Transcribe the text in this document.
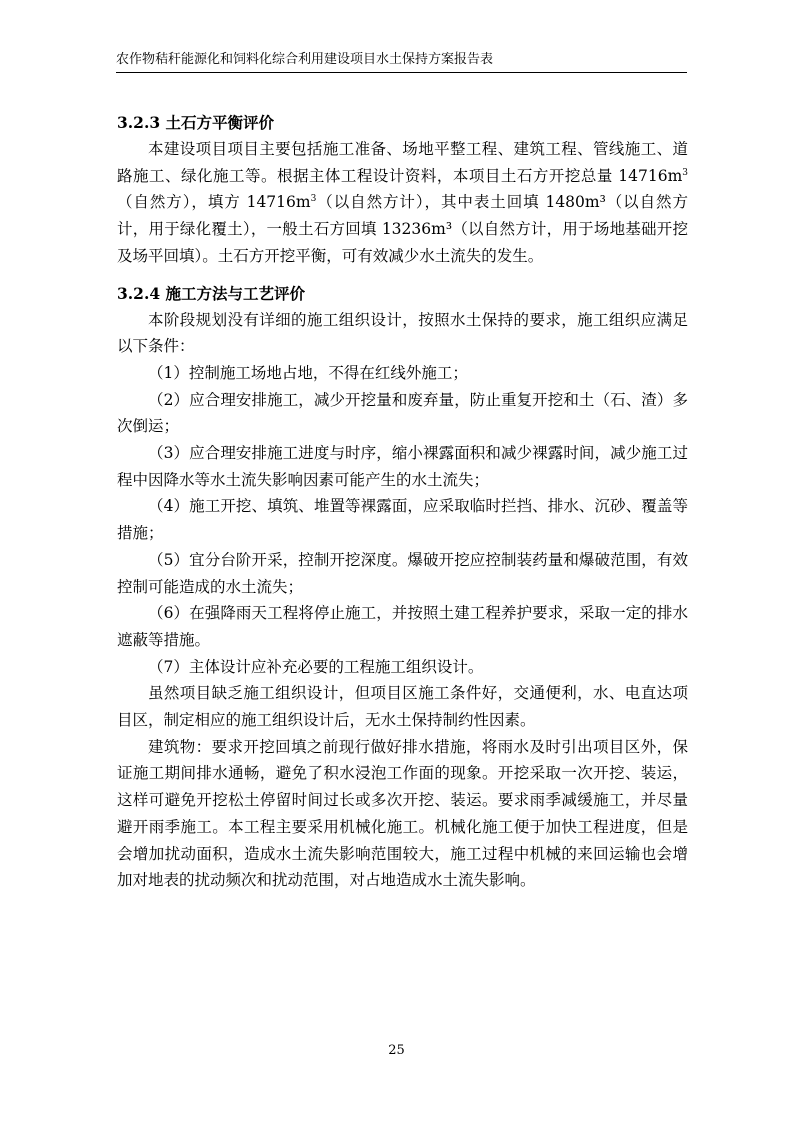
农作物秸秆能源化和饲料化综合利用建设项目水土保持方案报告表
3.2.3 土石方平衡评价

本建设项目项目主要包括施工准备、场地平整工程、建筑工程、管线施工、道路施工、绿化施工等。根据主体工程设计资料，本项目土石方开挖总量 $14716m^3$（自然方），填方 $14716m^3$（以自然方计），其中表土回填 1480m³（以自然方计，用于绿化覆土），一般土石方回填 13236m³（以自然方计，用于场地基础开挖及场平回填）。土石方开挖平衡，可有效减少水土流失的发生。

3.2.4 施工方法与工艺评价

本阶段规划没有详细的施工组织设计，按照水土保持的要求，施工组织应满足以下条件：

（1）控制施工场地占地，不得在红线外施工；

（2）应合理安排施工，减少开挖量和废弃量，防止重复开挖和土（石、渣）多次倒运；

（3）应合理安排施工进度与时序，缩小裸露面积和减少裸露时间，减少施工过程中因降水等水土流失影响因素可能产生的水土流失；

（4）施工开挖、填筑、堆置等裸露面，应采取临时拦挡、排水、沉砂、覆盖等措施；

（5）宜分台阶开采，控制开挖深度。爆破开挖应控制装药量和爆破范围，有效控制可能造成的水土流失；

（6）在强降雨天工程将停止施工，并按照土建工程养护要求，采取一定的排水遮蔽等措施。

（7）主体设计应补充必要的工程施工组织设计。

虽然项目缺乏施工组织设计，但项目区施工条件好，交通便利，水、电直达项目区，制定相应的施工组织设计后，无水土保持制约性因素。

建筑物：要求开挖回填之前现行做好排水措施，将雨水及时引出项目区外，保证施工期间排水通畅，避免了积水浸泡工作面的现象。开挖采取一次开挖、装运，这样可避免开挖松土停留时间过长或多次开挖、装运。要求雨季减缓施工，并尽量避开雨季施工。本工程主要采用机械化施工。机械化施工便于加快工程进度，但是会增加扰动面积，造成水土流失影响范围较大，施工过程中机械的来回运输也会增加对地表的扰动频次和扰动范围，对占地造成水土流失影响。

25
